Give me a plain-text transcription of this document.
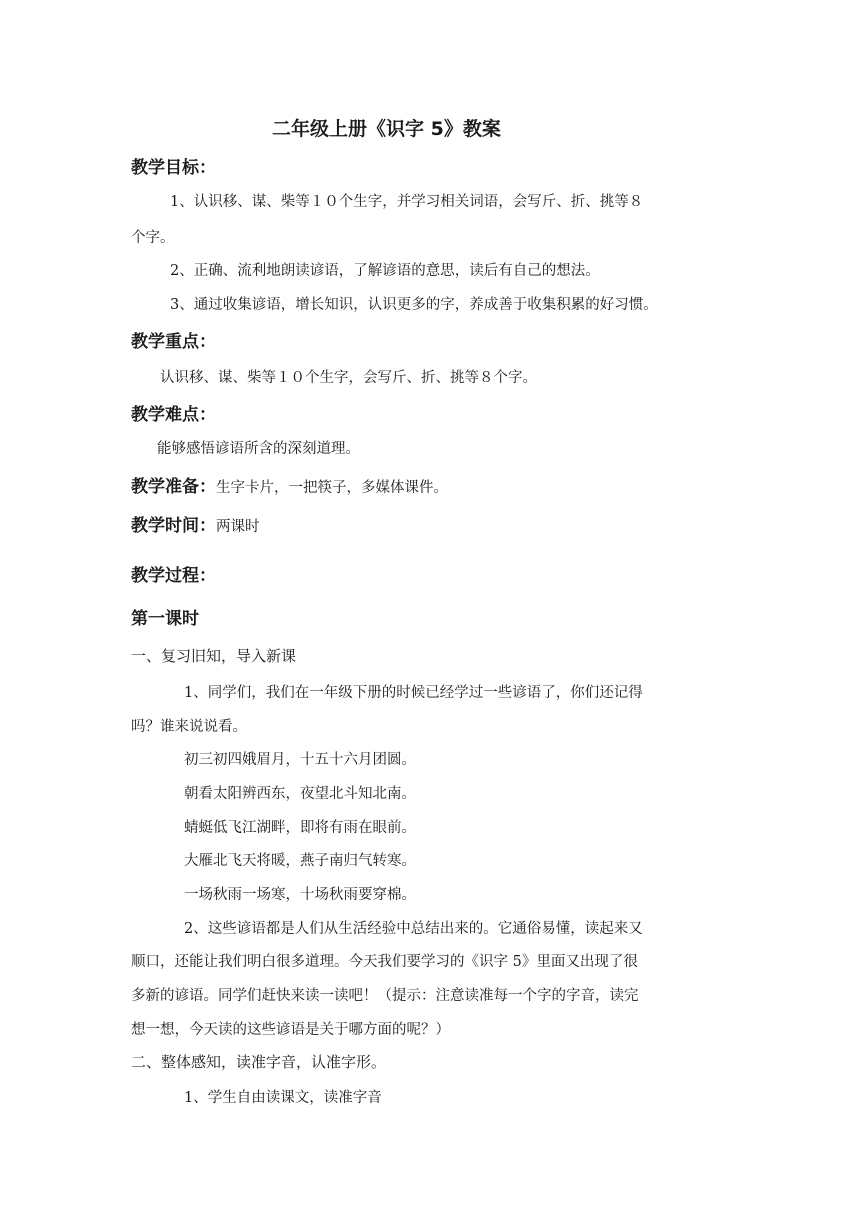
二年级上册《识字 5》教案
教学目标：
1、认识移、谋、柴等１０个生字，并学习相关词语，会写斤、折、挑等８
个字。
2、正确、流利地朗读谚语，了解谚语的意思，读后有自己的想法。
3、通过收集谚语，增长知识，认识更多的字，养成善于收集积累的好习惯。
教学重点：
认识移、谋、柴等１０个生字，会写斤、折、挑等８个字。
教学难点：
能够感悟谚语所含的深刻道理。
教学准备：生字卡片，一把筷子，多媒体课件。
教学时间：两课时
教学过程：
第一课时
一、复习旧知，导入新课
1、同学们，我们在一年级下册的时候已经学过一些谚语了，你们还记得
吗？谁来说说看。
初三初四娥眉月，十五十六月团圆。
朝看太阳辨西东，夜望北斗知北南。
蜻蜓低飞江湖畔，即将有雨在眼前。
大雁北飞天将暖，燕子南归气转寒。
一场秋雨一场寒，十场秋雨要穿棉。
2、这些谚语都是人们从生活经验中总结出来的。它通俗易懂，读起来又
顺口，还能让我们明白很多道理。今天我们要学习的《识字 5》里面又出现了很
多新的谚语。同学们赶快来读一读吧！（提示：注意读准每一个字的字音，读完
想一想，今天读的这些谚语是关于哪方面的呢？）
二、整体感知，读准字音，认准字形。
1、学生自由读课文，读准字音
